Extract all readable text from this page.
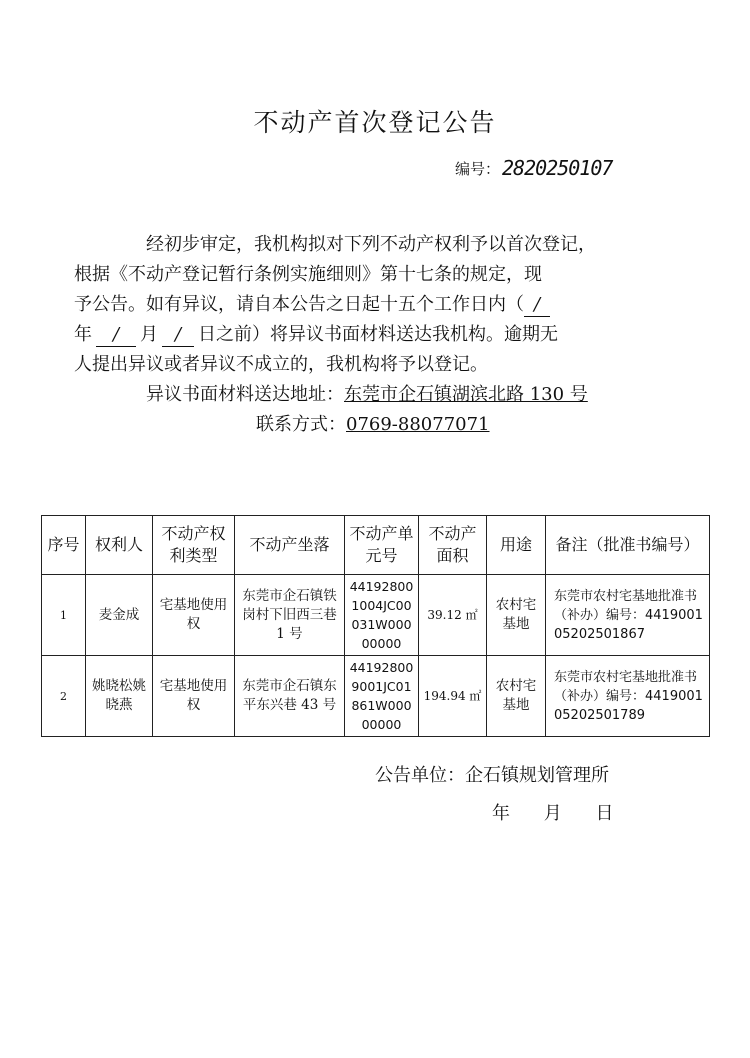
不动产首次登记公告
编号： 2820250107
经初步审定，我机构拟对下列不动产权利予以首次登记，
根据《不动产登记暂行条例实施细则》第十七条的规定，现
予公告。如有异议，请自本公告之日起十五个工作日内（ /
年 / 月 / 日之前）将异议书面材料送达我机构。逾期无
人提出异议或者异议不成立的，我机构将予以登记。
异议书面材料送达地址：东莞市企石镇湖滨北路 130 号
联系方式：0769-88077071
序号	权利人	不动产权利类型	不动产坐落	不动产单元号	不动产面积	用途	备注（批准书编号）
1	麦金成	宅基地使用权	东莞市企石镇铁岗村下旧西三巷 1 号	441928001004JC00031W00000000	39.12 ㎡	农村宅基地	东莞市农村宅基地批准书（补办）编号：441900105202501867
2	姚晓松姚晓燕	宅基地使用权	东莞市企石镇东平东兴巷 43 号	441928009001JC01861W00000000	194.94 ㎡	农村宅基地	东莞市农村宅基地批准书（补办）编号：441900105202501789
公告单位：企石镇规划管理所
年 月 日
